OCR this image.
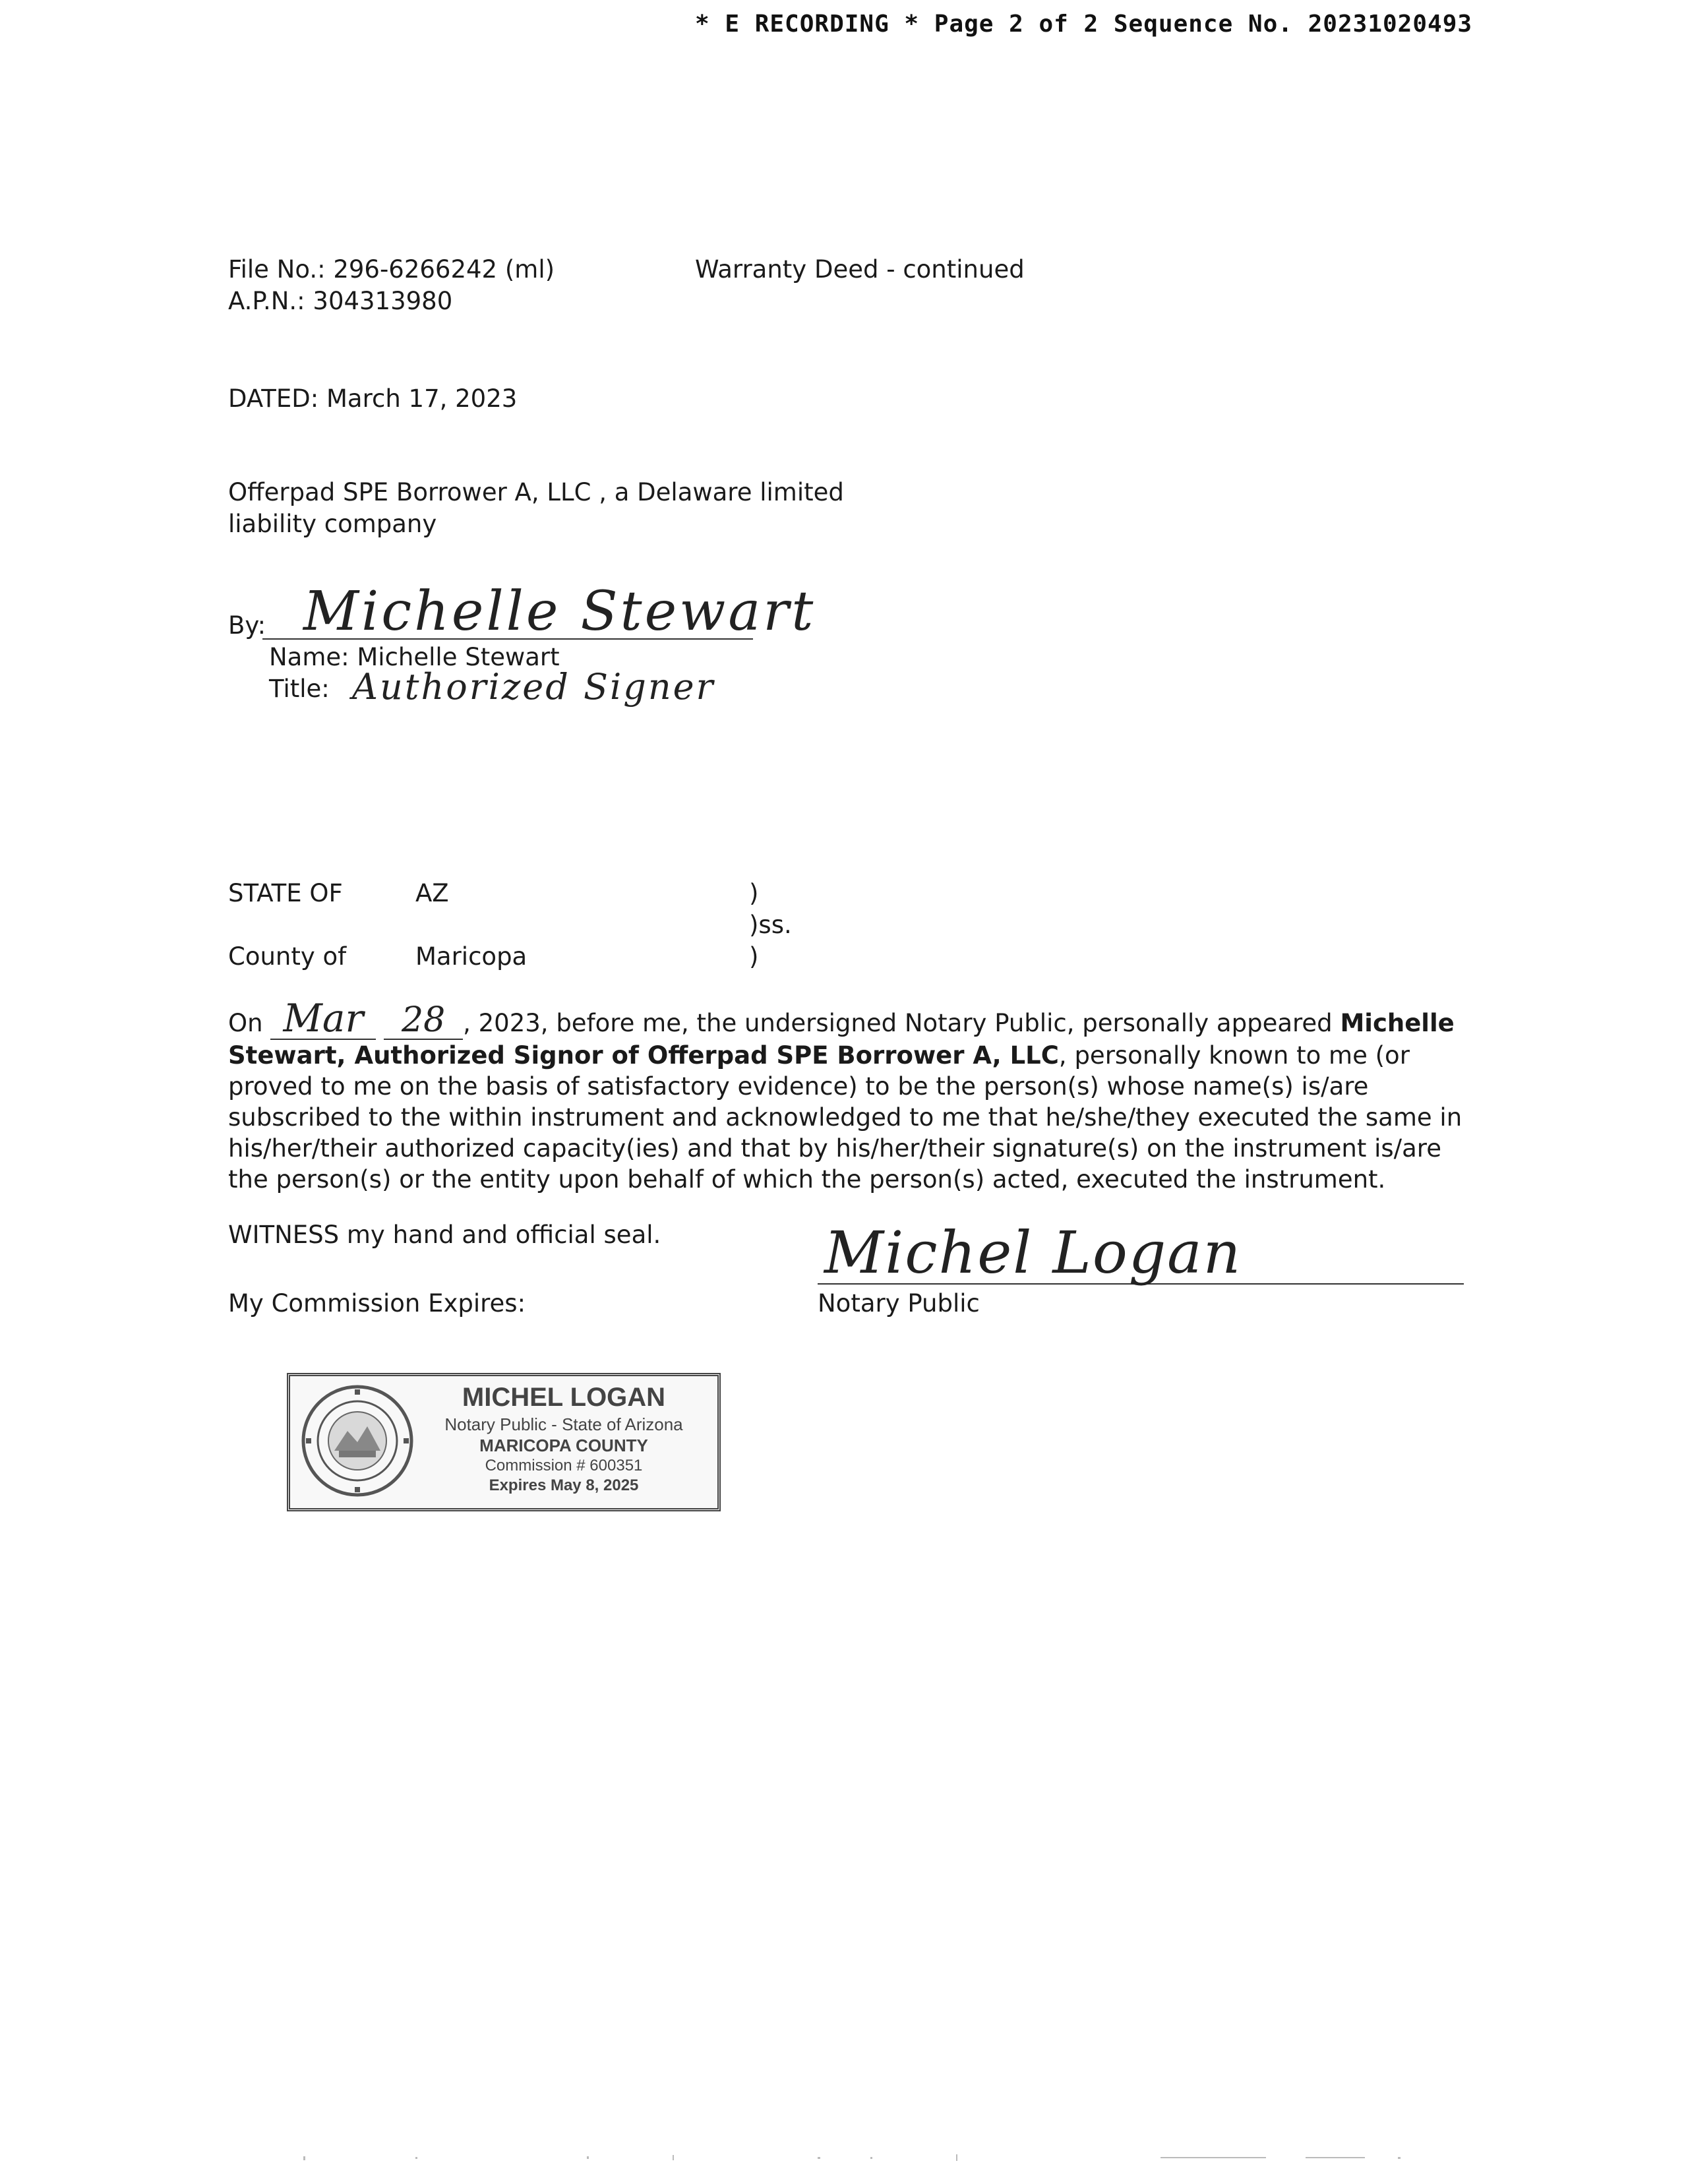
* E RECORDING * Page 2 of 2 Sequence No. 20231020493
File No.: 296-6266242 (ml)
A.P.N.: 304313980
Warranty Deed - continued
DATED: March 17, 2023
Offerpad SPE Borrower A, LLC , a Delaware limited
liability company
By: Michelle Stewart
Name: Michelle Stewart
Title: Authorized Signer
STATE OF	AZ	)
)ss.
County of	Maricopa	)
On Mar 28 , 2023, before me, the undersigned Notary Public, personally appeared Michelle Stewart, Authorized Signor of Offerpad SPE Borrower A, LLC, personally known to me (or proved to me on the basis of satisfactory evidence) to be the person(s) whose name(s) is/are subscribed to the within instrument and acknowledged to me that he/she/they executed the same in his/her/their authorized capacity(ies) and that by his/her/their signature(s) on the instrument is/are the person(s) or the entity upon behalf of which the person(s) acted, executed the instrument.
WITNESS my hand and official seal.
My Commission Expires:
Michel Logan
Notary Public
MICHEL LOGAN
Notary Public - State of Arizona
MARICOPA COUNTY
Commission # 600351
Expires May 8, 2025
